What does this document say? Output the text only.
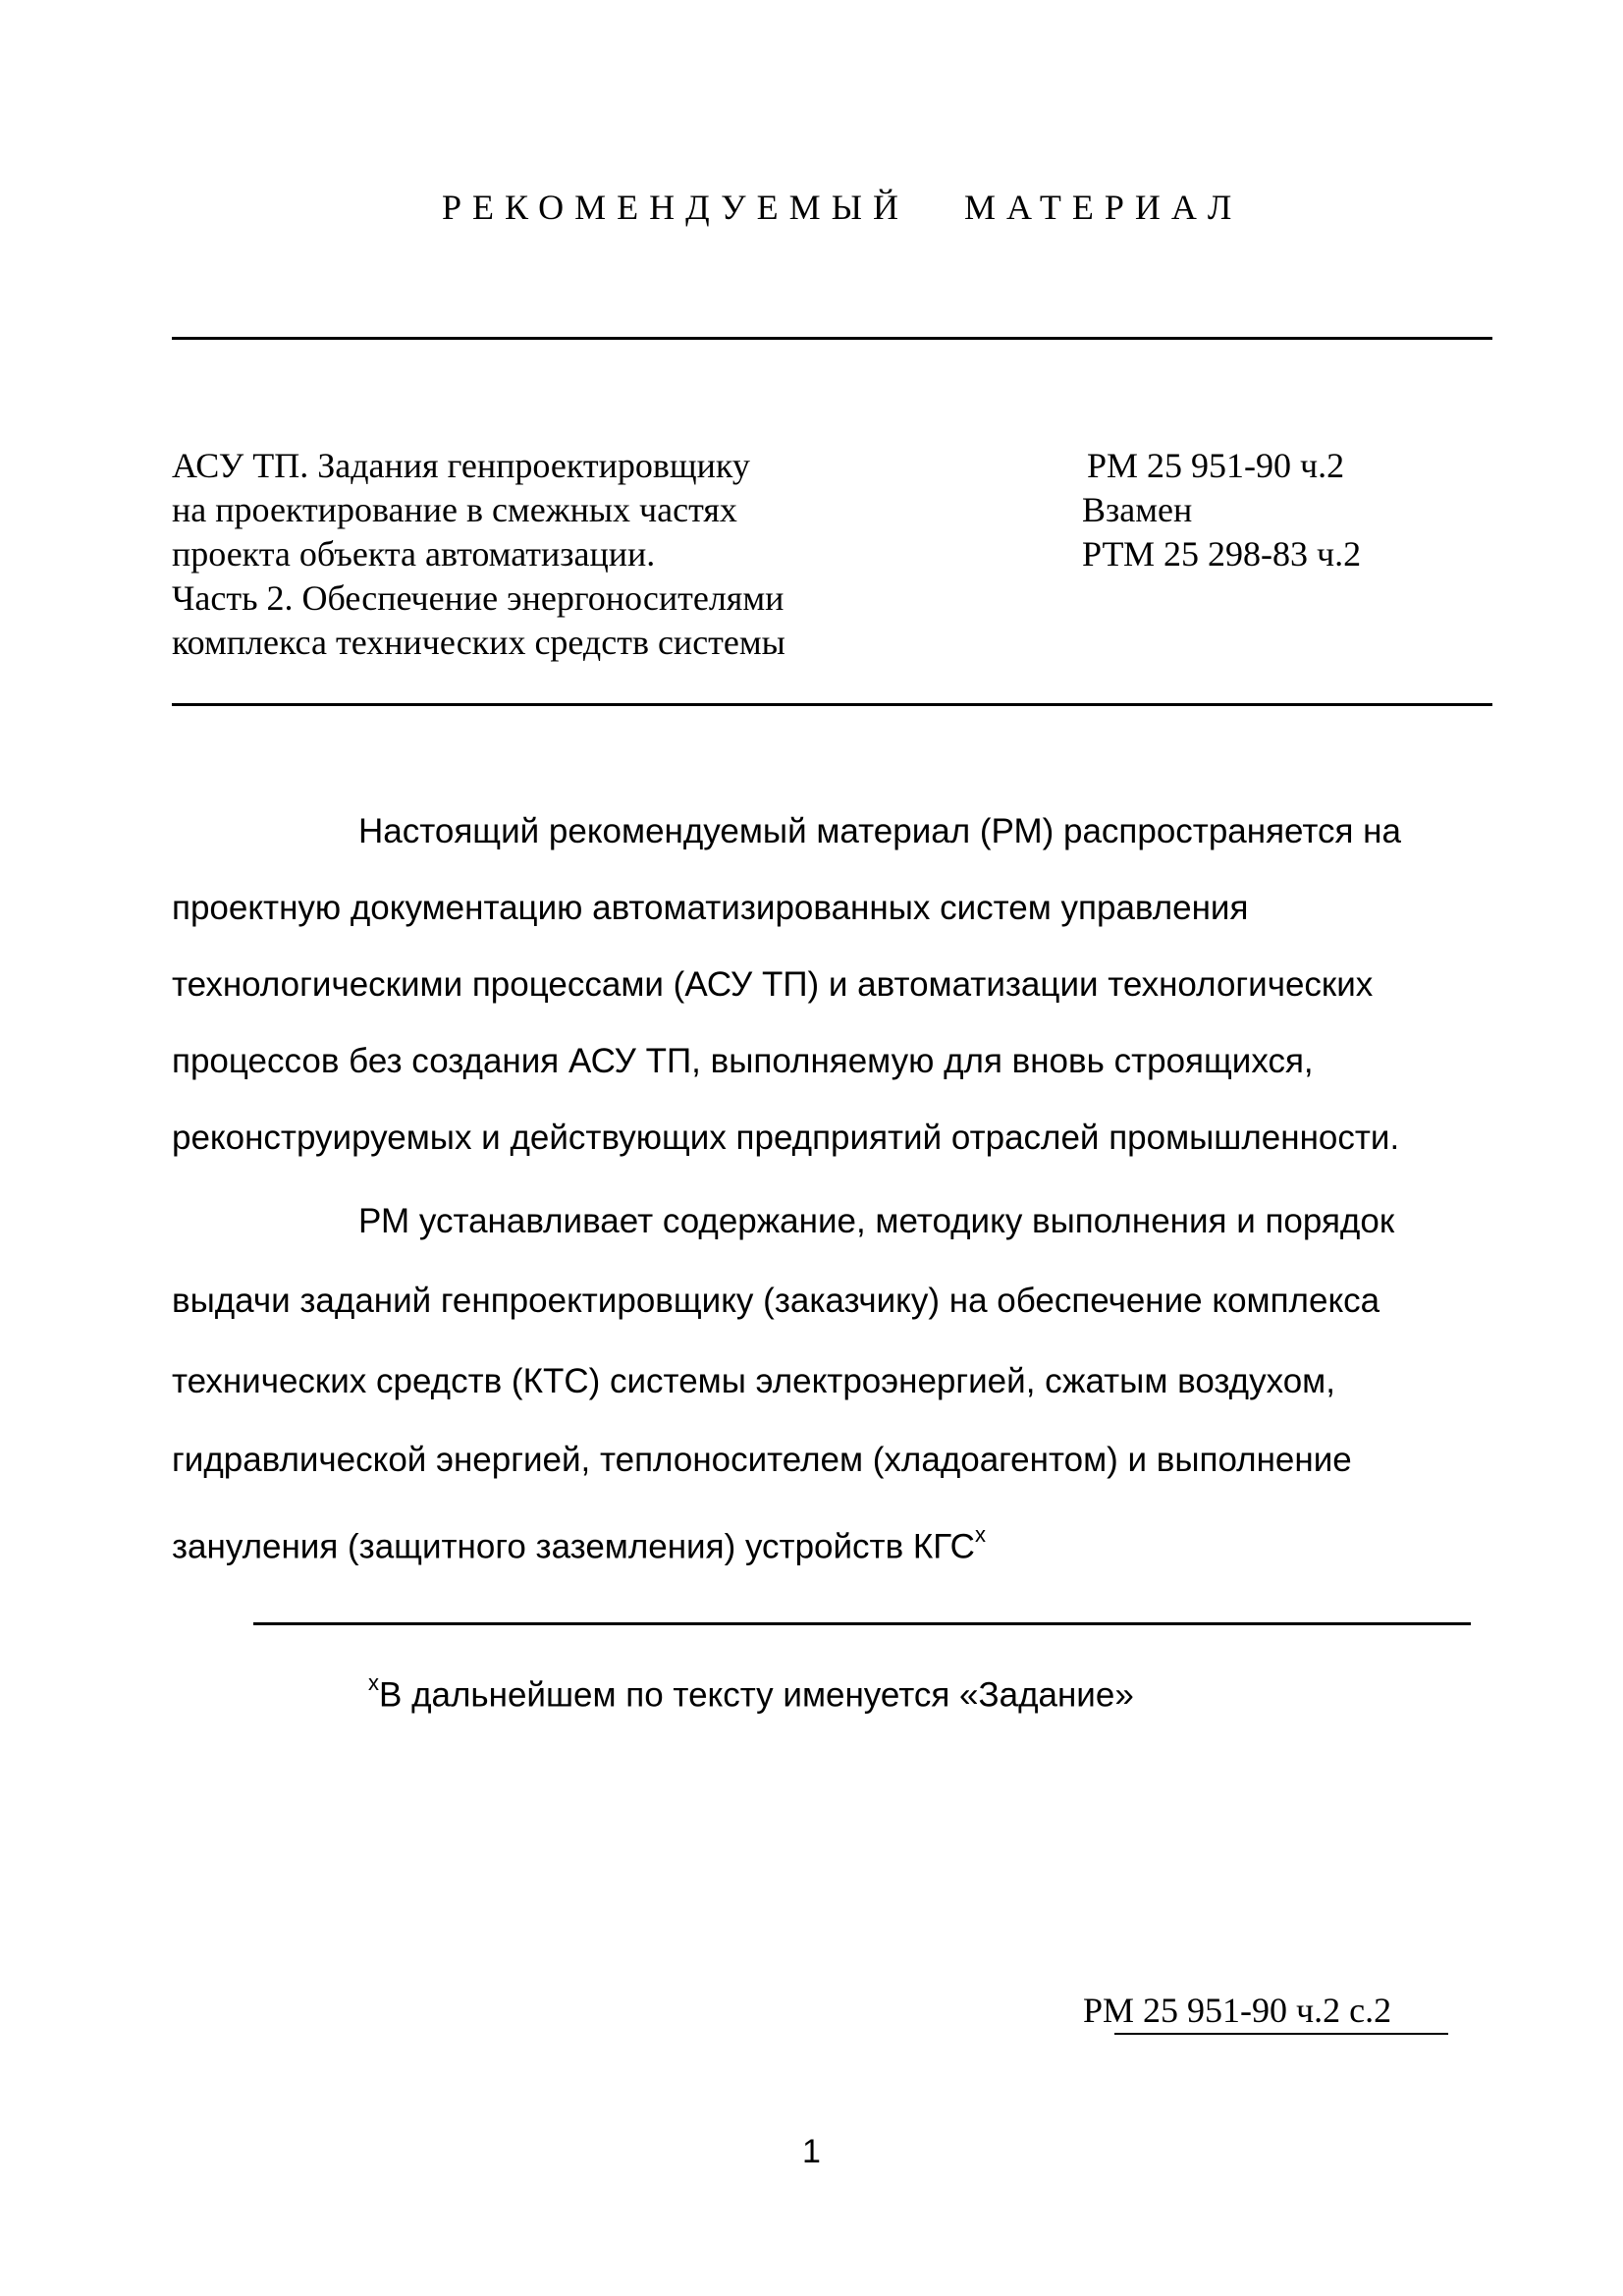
РЕКОМЕНДУЕМЫЙ МАТЕРИАЛ
АСУ ТП. Задания генпроектировщику
на проектирование в смежных частях
проекта объекта автоматизации.
Часть 2. Обеспечение энергоносителями
комплекса технических средств системы
РМ 25 951-90 ч.2
Взамен
РТМ 25 298-83 ч.2
Настоящий рекомендуемый материал (РМ) распространяется на
проектную документацию автоматизированных систем управления
технологическими процессами (АСУ ТП) и автоматизации технологических
процессов без создания АСУ ТП, выполняемую для вновь строящихся,
реконструируемых и действующих предприятий отраслей промышленности.
РМ устанавливает содержание, методику выполнения и порядок
выдачи заданий генпроектировщику (заказчику) на обеспечение комплекса
технических средств (КТС) системы электроэнергией, сжатым воздухом,
гидравлической энергией, теплоносителем (хладоагентом) и выполнение
зануления (защитного заземления) устройств КГС$^x$
$^x$В дальнейшем по тексту именуется «Задание»
РМ 25 951-90 ч.2 с.2
1
